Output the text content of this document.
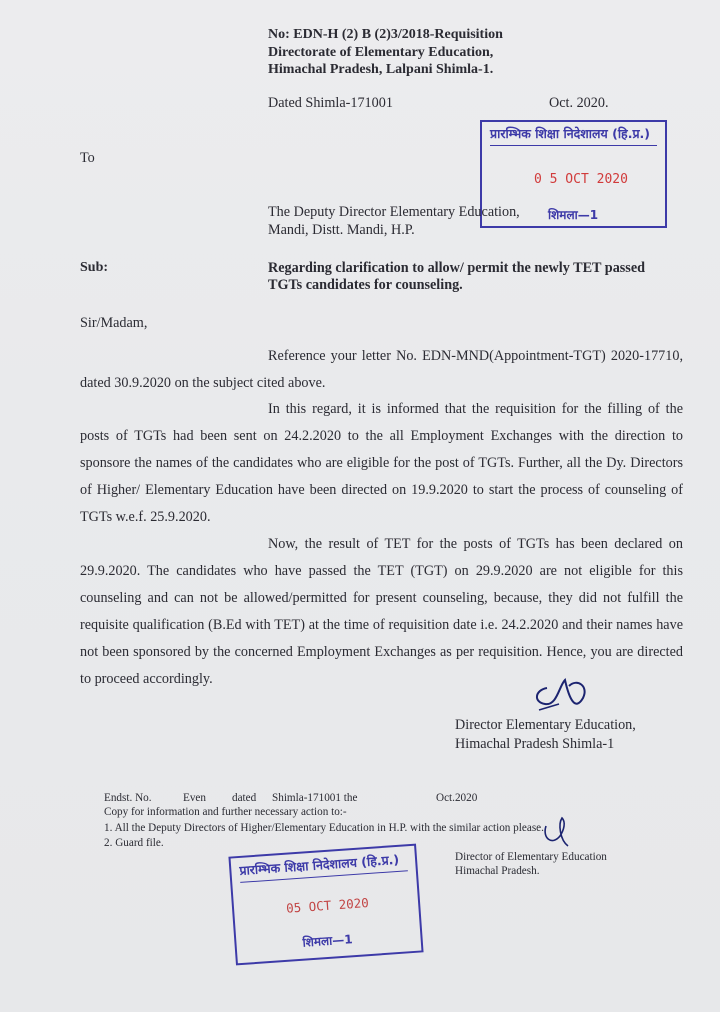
No: EDN-H (2) B (2)3/2018-Requisition
Directorate of Elementary Education,
Himachal Pradesh, Lalpani Shimla-1.
Dated Shimla-171001	Oct. 2020.
प्रारम्भिक शिक्षा निदेशालय (हि.प्र.)
0 5 OCT 2020
शिमला—1
To
The Deputy Director Elementary Education,
Mandi, Distt. Mandi, H.P.
Sub:	Regarding clarification to allow/ permit the newly TET passed
TGTs candidates for counseling.
Sir/Madam,
Reference your letter No. EDN-MND(Appointment-TGT) 2020-17710, dated 30.9.2020 on the subject cited above.
In this regard, it is informed that the requisition for the filling of the posts of TGTs had been sent on 24.2.2020 to the all Employment Exchanges with the direction to sponsore the names of the candidates who are eligible for the post of TGTs. Further, all the Dy. Directors of Higher/ Elementary Education have been directed on 19.9.2020 to start the process of counseling of TGTs w.e.f. 25.9.2020.
Now, the result of TET for the posts of TGTs has been declared on 29.9.2020. The candidates who have passed the TET (TGT) on 29.9.2020 are not eligible for this counseling and can not be allowed/permitted for present counseling, because, they did not fulfill the requisite qualification (B.Ed with TET) at the time of requisition date i.e. 24.2.2020 and their names have not been sponsored by the concerned Employment Exchanges as per requisition. Hence, you are directed to proceed accordingly.
Director Elementary Education,
Himachal Pradesh Shimla-1
Endst. No.	Even dated Shimla-171001 the	Oct.2020
Copy for information and further necessary action to:-
1. All the Deputy Directors of Higher/Elementary Education in H.P. with the similar action please.
2. Guard file.
Director of Elementary Education
Himachal Pradesh.
प्रारम्भिक शिक्षा निदेशालय (हि.प्र.)
05 OCT 2020
शिमला—1
